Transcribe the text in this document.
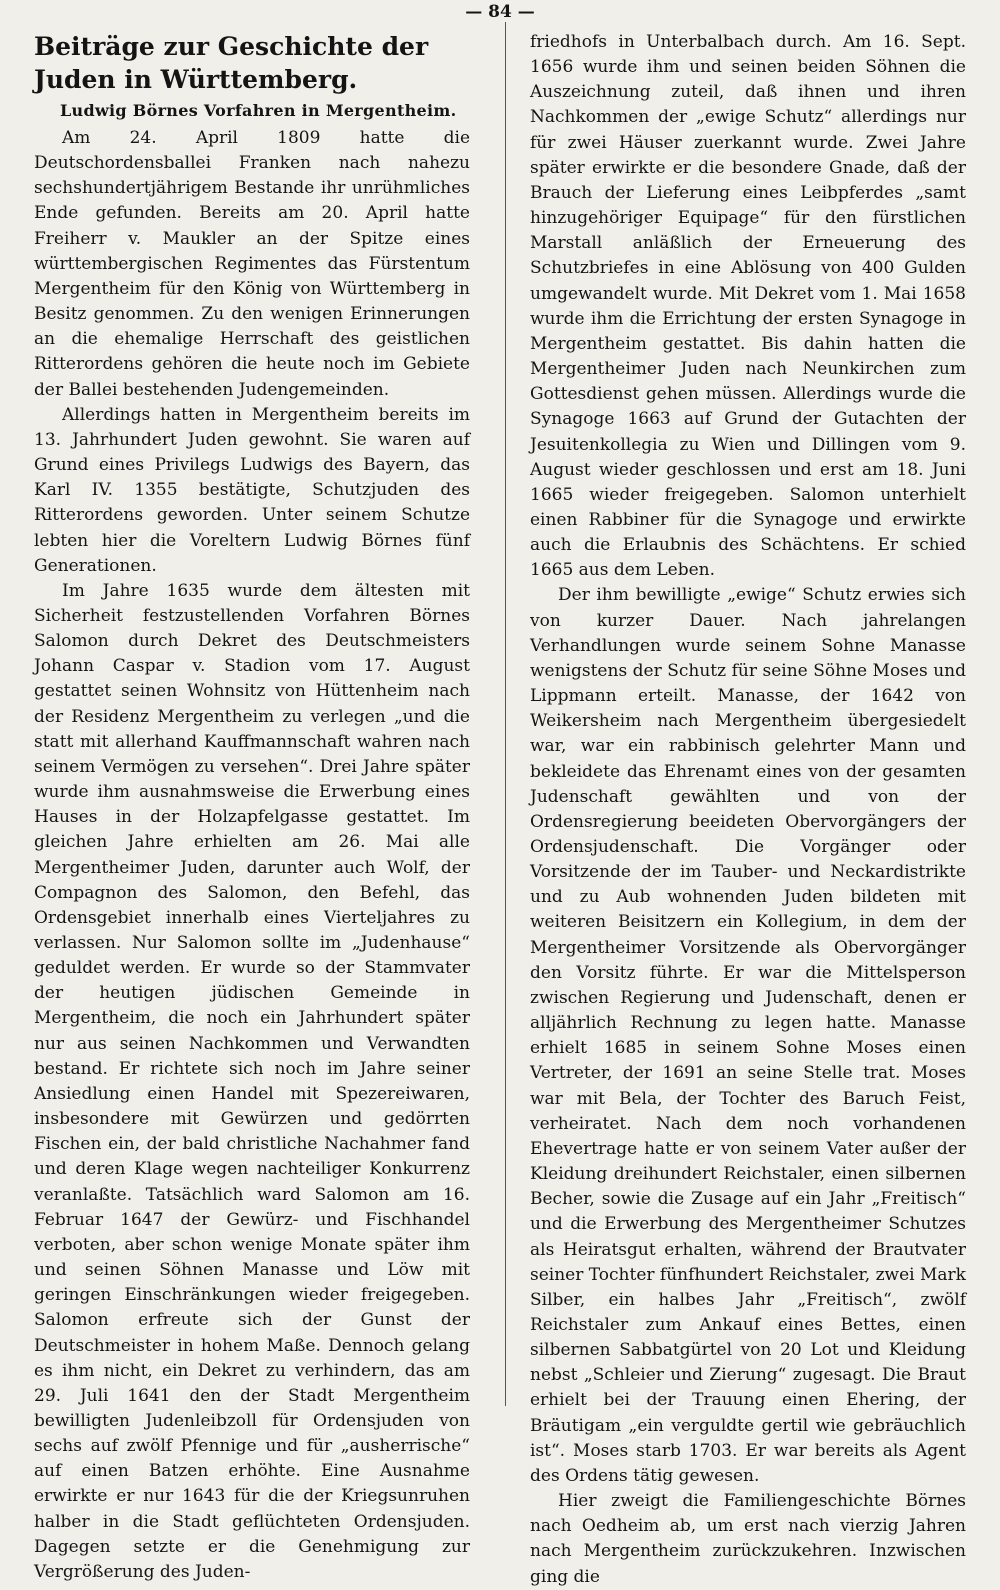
— 84 —
Beiträge zur Geschichte der Juden in Württemberg.
Ludwig Börnes Vorfahren in Mergentheim.

Am 24. April 1809 hatte die Deutschordensballei Franken nach nahezu sechshundertjährigem Bestande ihr unrühmliches Ende gefunden. Bereits am 20. April hatte Freiherr v. Maukler an der Spitze eines württembergischen Regimentes das Fürstentum Mergentheim für den König von Württemberg in Besitz genommen. Zu den wenigen Erinnerungen an die ehemalige Herrschaft des geistlichen Ritterordens gehören die heute noch im Gebiete der Ballei bestehenden Judengemeinden.

Allerdings hatten in Mergentheim bereits im 13. Jahrhundert Juden gewohnt. Sie waren auf Grund eines Privilegs Ludwigs des Bayern, das Karl IV. 1355 bestätigte, Schutzjuden des Ritterordens geworden. Unter seinem Schutze lebten hier die Voreltern Ludwig Börnes fünf Generationen.

Im Jahre 1635 wurde dem ältesten mit Sicherheit festzustellenden Vorfahren Börnes Salomon durch Dekret des Deutschmeisters Johann Caspar v. Stadion vom 17. August gestattet seinen Wohnsitz von Hüttenheim nach der Residenz Mergentheim zu verlegen „und die statt mit allerhand Kauffmannschaft wahren nach seinem Vermögen zu versehen“. Drei Jahre später wurde ihm ausnahmsweise die Erwerbung eines Hauses in der Holzapfelgasse gestattet. Im gleichen Jahre erhielten am 26. Mai alle Mergentheimer Juden, darunter auch Wolf, der Compagnon des Salomon, den Befehl, das Ordensgebiet innerhalb eines Vierteljahres zu verlassen. Nur Salomon sollte im „Judenhause“ geduldet werden. Er wurde so der Stammvater der heutigen jüdischen Gemeinde in Mergentheim, die noch ein Jahrhundert später nur aus seinen Nachkommen und Verwandten bestand. Er richtete sich noch im Jahre seiner Ansiedlung einen Handel mit Spezereiwaren, insbesondere mit Gewürzen und gedörrten Fischen ein, der bald christliche Nachahmer fand und deren Klage wegen nachteiliger Konkurrenz veranlaßte. Tatsächlich ward Salomon am 16. Februar 1647 der Gewürz- und Fischhandel verboten, aber schon wenige Monate später ihm und seinen Söhnen Manasse und Löw mit geringen Einschränkungen wieder freigegeben. Salomon erfreute sich der Gunst der Deutschmeister in hohem Maße. Dennoch gelang es ihm nicht, ein Dekret zu verhindern, das am 29. Juli 1641 den der Stadt Mergentheim bewilligten Judenleibzoll für Ordensjuden von sechs auf zwölf Pfennige und für „ausherrische“ auf einen Batzen erhöhte. Eine Ausnahme erwirkte er nur 1643 für die der Kriegsunruhen halber in die Stadt geflüchteten Ordensjuden. Dagegen setzte er die Genehmigung zur Vergrößerung des Juden-

friedhofs in Unterbalbach durch. Am 16. Sept. 1656 wurde ihm und seinen beiden Söhnen die Auszeichnung zuteil, daß ihnen und ihren Nachkommen der „ewige Schutz“ allerdings nur für zwei Häuser zuerkannt wurde. Zwei Jahre später erwirkte er die besondere Gnade, daß der Brauch der Lieferung eines Leibpferdes „samt hinzugehöriger Equipage“ für den fürstlichen Marstall anläßlich der Erneuerung des Schutzbriefes in eine Ablösung von 400 Gulden umgewandelt wurde. Mit Dekret vom 1. Mai 1658 wurde ihm die Errichtung der ersten Synagoge in Mergentheim gestattet. Bis dahin hatten die Mergentheimer Juden nach Neunkirchen zum Gottesdienst gehen müssen. Allerdings wurde die Synagoge 1663 auf Grund der Gutachten der Jesuitenkollegia zu Wien und Dillingen vom 9. August wieder geschlossen und erst am 18. Juni 1665 wieder freigegeben. Salomon unterhielt einen Rabbiner für die Synagoge und erwirkte auch die Erlaubnis des Schächtens. Er schied 1665 aus dem Leben.

Der ihm bewilligte „ewige“ Schutz erwies sich von kurzer Dauer. Nach jahrelangen Verhandlungen wurde seinem Sohne Manasse wenigstens der Schutz für seine Söhne Moses und Lippmann erteilt. Manasse, der 1642 von Weikersheim nach Mergentheim übergesiedelt war, war ein rabbinisch gelehrter Mann und bekleidete das Ehrenamt eines von der gesamten Judenschaft gewählten und von der Ordensregierung beeideten Obervorgängers der Ordensjudenschaft. Die Vorgänger oder Vorsitzende der im Tauber- und Neckardistrikte und zu Aub wohnenden Juden bildeten mit weiteren Beisitzern ein Kollegium, in dem der Mergentheimer Vorsitzende als Obervorgänger den Vorsitz führte. Er war die Mittelsperson zwischen Regierung und Judenschaft, denen er alljährlich Rechnung zu legen hatte. Manasse erhielt 1685 in seinem Sohne Moses einen Vertreter, der 1691 an seine Stelle trat. Moses war mit Bela, der Tochter des Baruch Feist, verheiratet. Nach dem noch vorhandenen Ehevertrage hatte er von seinem Vater außer der Kleidung dreihundert Reichstaler, einen silbernen Becher, sowie die Zusage auf ein Jahr „Freitisch“ und die Erwerbung des Mergentheimer Schutzes als Heiratsgut erhalten, während der Brautvater seiner Tochter fünfhundert Reichstaler, zwei Mark Silber, ein halbes Jahr „Freitisch“, zwölf Reichstaler zum Ankauf eines Bettes, einen silbernen Sabbatgürtel von 20 Lot und Kleidung nebst „Schleier und Zierung“ zugesagt. Die Braut erhielt bei der Trauung einen Ehering, der Bräutigam „ein verguldte gertil wie gebräuchlich ist“. Moses starb 1703. Er war bereits als Agent des Ordens tätig gewesen.

Hier zweigt die Familiengeschichte Börnes nach Oedheim ab, um erst nach vierzig Jahren nach Mergentheim zurückzukehren. Inzwischen ging die
